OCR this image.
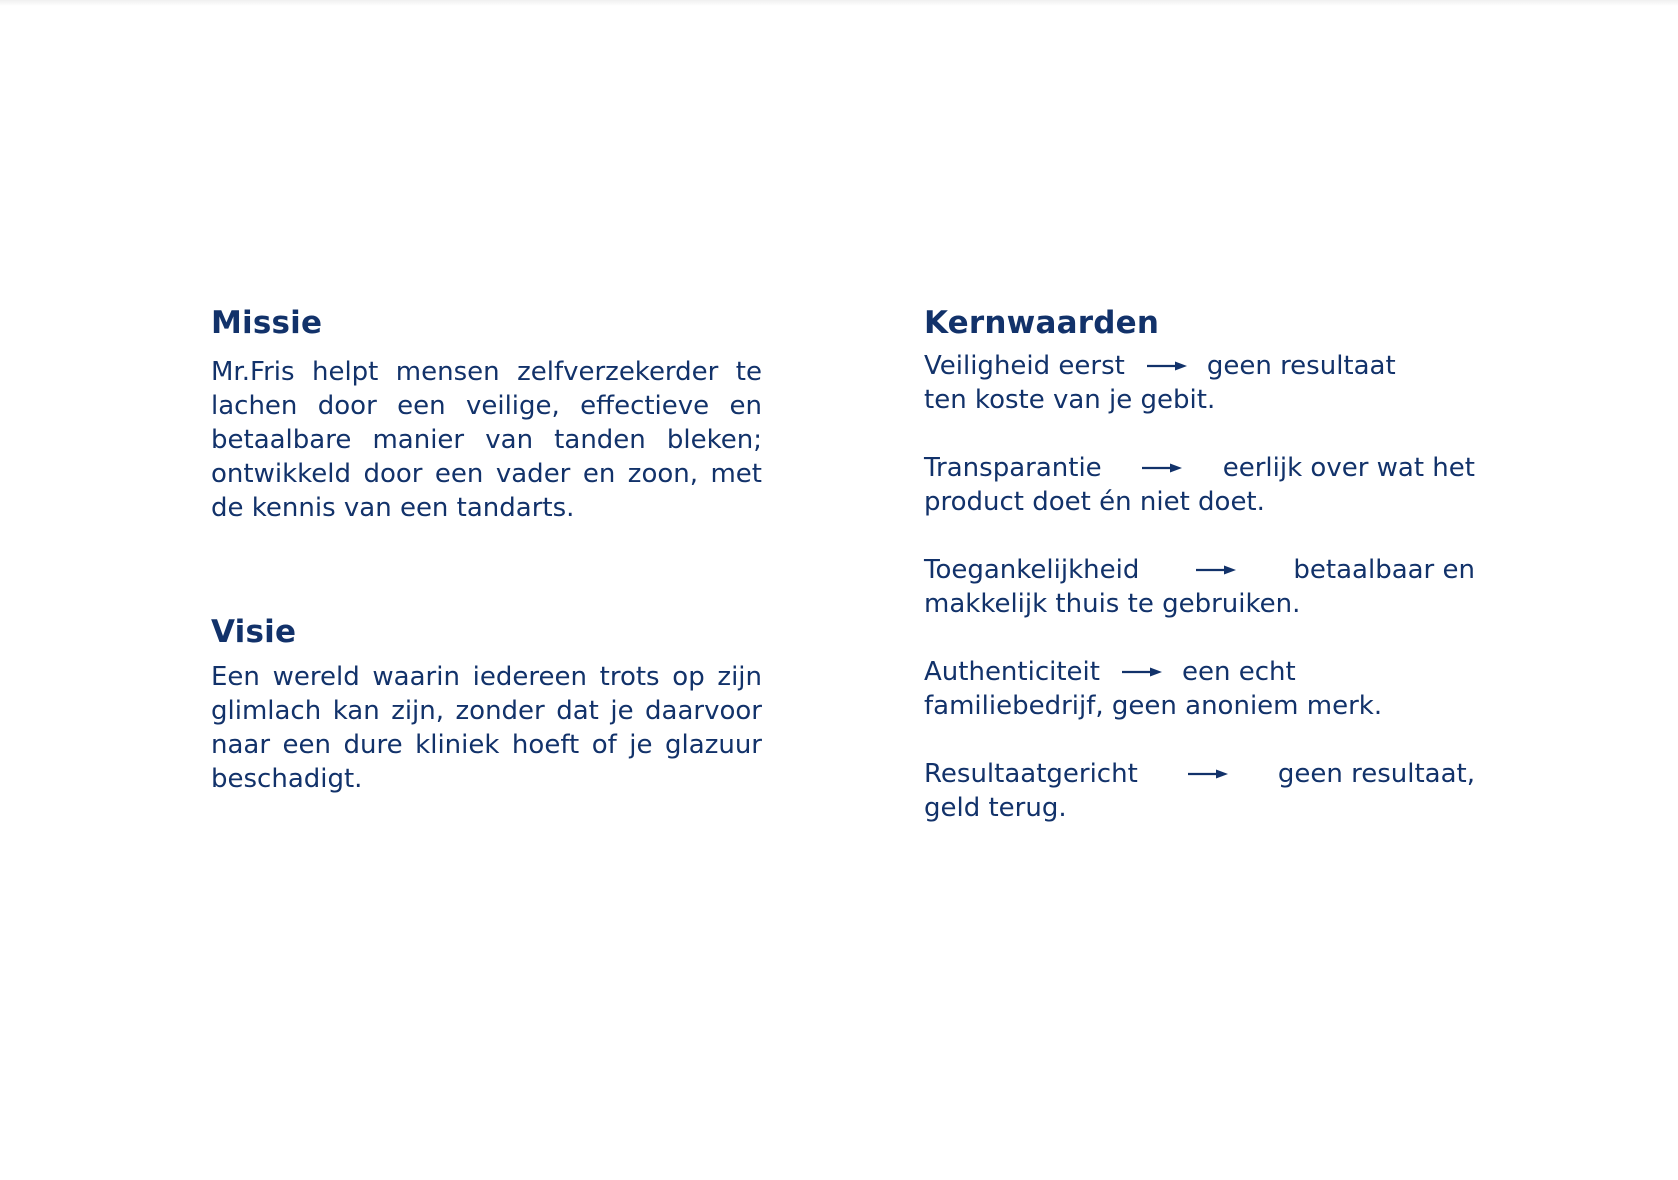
Missie

Mr.Fris helpt mensen zelfverzekerder te lachen door een veilige, effectieve en betaalbare manier van tanden bleken; ontwikkeld door een vader en zoon, met de kennis van een tandarts.

Visie

Een wereld waarin iedereen trots op zijn glimlach kan zijn, zonder dat je daarvoor naar een dure kliniek hoeft of je glazuur beschadigt.

Kernwaarden
Veiligheid eerst	geen resultaat
ten koste van je gebit.
Transparantie	eerlijk over wat het
product doet én niet doet.
Toegankelijkheid	betaalbaar en
makkelijk thuis te gebruiken.
Authenticiteit	een echt
familiebedrijf, geen anoniem merk.
Resultaatgericht	geen resultaat,
geld terug.
